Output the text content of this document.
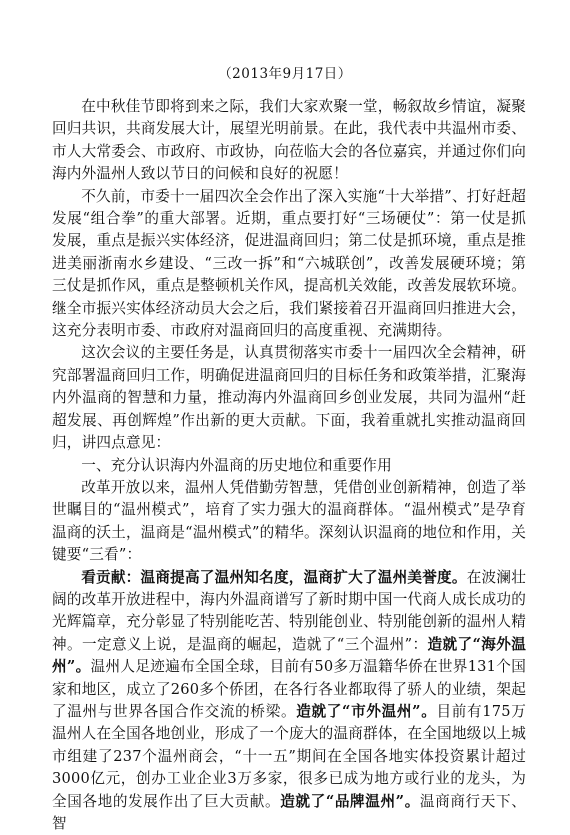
（2013年9月17日）

在中秋佳节即将到来之际，我们大家欢聚一堂，畅叙故乡情谊，凝聚回归共识，共商发展大计，展望光明前景。在此，我代表中共温州市委、市人大常委会、市政府、市政协，向莅临大会的各位嘉宾，并通过你们向海内外温州人致以节日的问候和良好的祝愿！

不久前，市委十一届四次全会作出了深入实施“十大举措”、打好赶超发展“组合拳”的重大部署。近期，重点要打好“三场硬仗”：第一仗是抓发展，重点是振兴实体经济，促进温商回归；第二仗是抓环境，重点是推进美丽浙南水乡建设、“三改一拆”和“六城联创”，改善发展硬环境；第三仗是抓作风，重点是整顿机关作风，提高机关效能，改善发展软环境。继全市振兴实体经济动员大会之后，我们紧接着召开温商回归推进大会，这充分表明市委、市政府对温商回归的高度重视、充满期待。

这次会议的主要任务是，认真贯彻落实市委十一届四次全会精神，研究部署温商回归工作，明确促进温商回归的目标任务和政策举措，汇聚海内外温商的智慧和力量，推动海内外温商回乡创业发展，共同为温州“赶超发展、再创辉煌”作出新的更大贡献。下面，我着重就扎实推动温商回归，讲四点意见：

一、充分认识海内外温商的历史地位和重要作用

改革开放以来，温州人凭借勤劳智慧，凭借创业创新精神，创造了举世瞩目的“温州模式”，培育了实力强大的温商群体。“温州模式”是孕育温商的沃土，温商是“温州模式”的精华。深刻认识温商的地位和作用，关键要“三看”：

看贡献：温商提高了温州知名度，温商扩大了温州美誉度。在波澜壮阔的改革开放进程中，海内外温商谱写了新时期中国一代商人成长成功的光辉篇章，充分彰显了特别能吃苦、特别能创业、特别能创新的温州人精神。一定意义上说，是温商的崛起，造就了“三个温州”：造就了“海外温州”。温州人足迹遍布全国全球，目前有50多万温籍华侨在世界131个国家和地区，成立了260多个侨团，在各行各业都取得了骄人的业绩，架起了温州与世界各国合作交流的桥梁。造就了“市外温州”。目前有175万温州人在全国各地创业，形成了一个庞大的温商群体，在全国地级以上城市组建了237个温州商会，“十一五”期间在全国各地实体投资累计超过3000亿元，创办工业企业3万多家，很多已成为地方或行业的龙头，为全国各地的发展作出了巨大贡献。造就了“品牌温州”。温商商行天下、智
